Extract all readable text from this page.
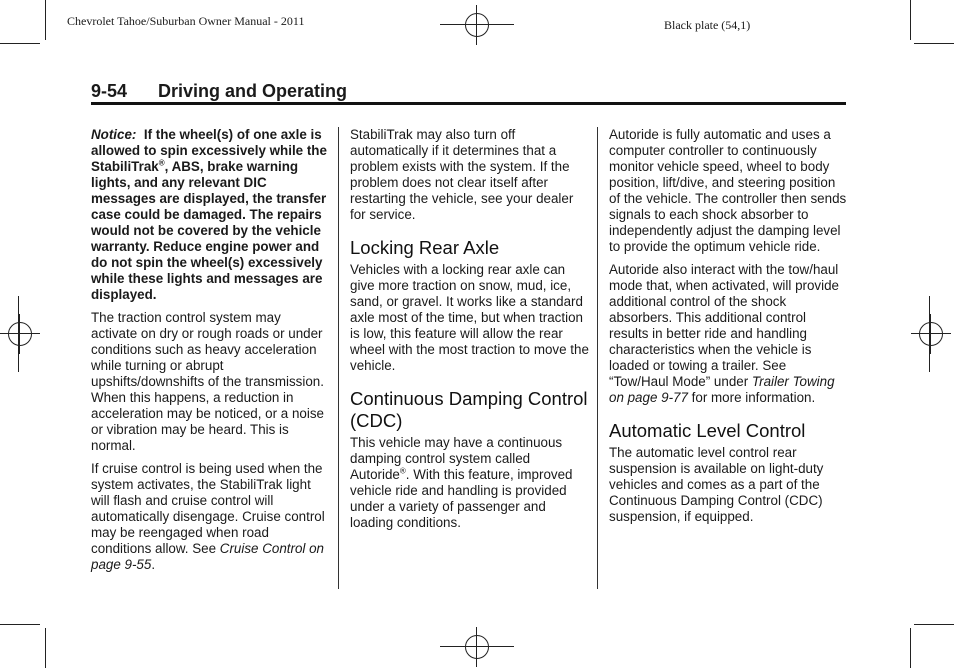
Chevrolet Tahoe/Suburban Owner Manual - 2011	Black plate (54,1)
9-54 Driving and Operating

Notice: If the wheel(s) of one axle is allowed to spin excessively while the StabiliTrak®, ABS, brake warning lights, and any relevant DIC messages are displayed, the transfer case could be damaged. The repairs would not be covered by the vehicle warranty. Reduce engine power and do not spin the wheel(s) excessively while these lights and messages are displayed.

The traction control system may activate on dry or rough roads or under conditions such as heavy acceleration while turning or abrupt upshifts/downshifts of the transmission. When this happens, a reduction in acceleration may be noticed, or a noise or vibration may be heard. This is normal.

If cruise control is being used when the system activates, the StabiliTrak light will flash and cruise control will automatically disengage. Cruise control may be reengaged when road conditions allow. See Cruise Control on page 9-55.

StabiliTrak may also turn off automatically if it determines that a problem exists with the system. If the problem does not clear itself after restarting the vehicle, see your dealer for service.

Locking Rear Axle

Vehicles with a locking rear axle can give more traction on snow, mud, ice, sand, or gravel. It works like a standard axle most of the time, but when traction is low, this feature will allow the rear wheel with the most traction to move the vehicle.

Continuous Damping Control (CDC)

This vehicle may have a continuous damping control system called Autoride®. With this feature, improved vehicle ride and handling is provided under a variety of passenger and loading conditions.

Autoride is fully automatic and uses a computer controller to continuously monitor vehicle speed, wheel to body position, lift/dive, and steering position of the vehicle. The controller then sends signals to each shock absorber to independently adjust the damping level to provide the optimum vehicle ride.

Autoride also interact with the tow/haul mode that, when activated, will provide additional control of the shock absorbers. This additional control results in better ride and handling characteristics when the vehicle is loaded or towing a trailer. See “Tow/Haul Mode” under Trailer Towing on page 9-77 for more information.

Automatic Level Control

The automatic level control rear suspension is available on light-duty vehicles and comes as a part of the Continuous Damping Control (CDC) suspension, if equipped.
